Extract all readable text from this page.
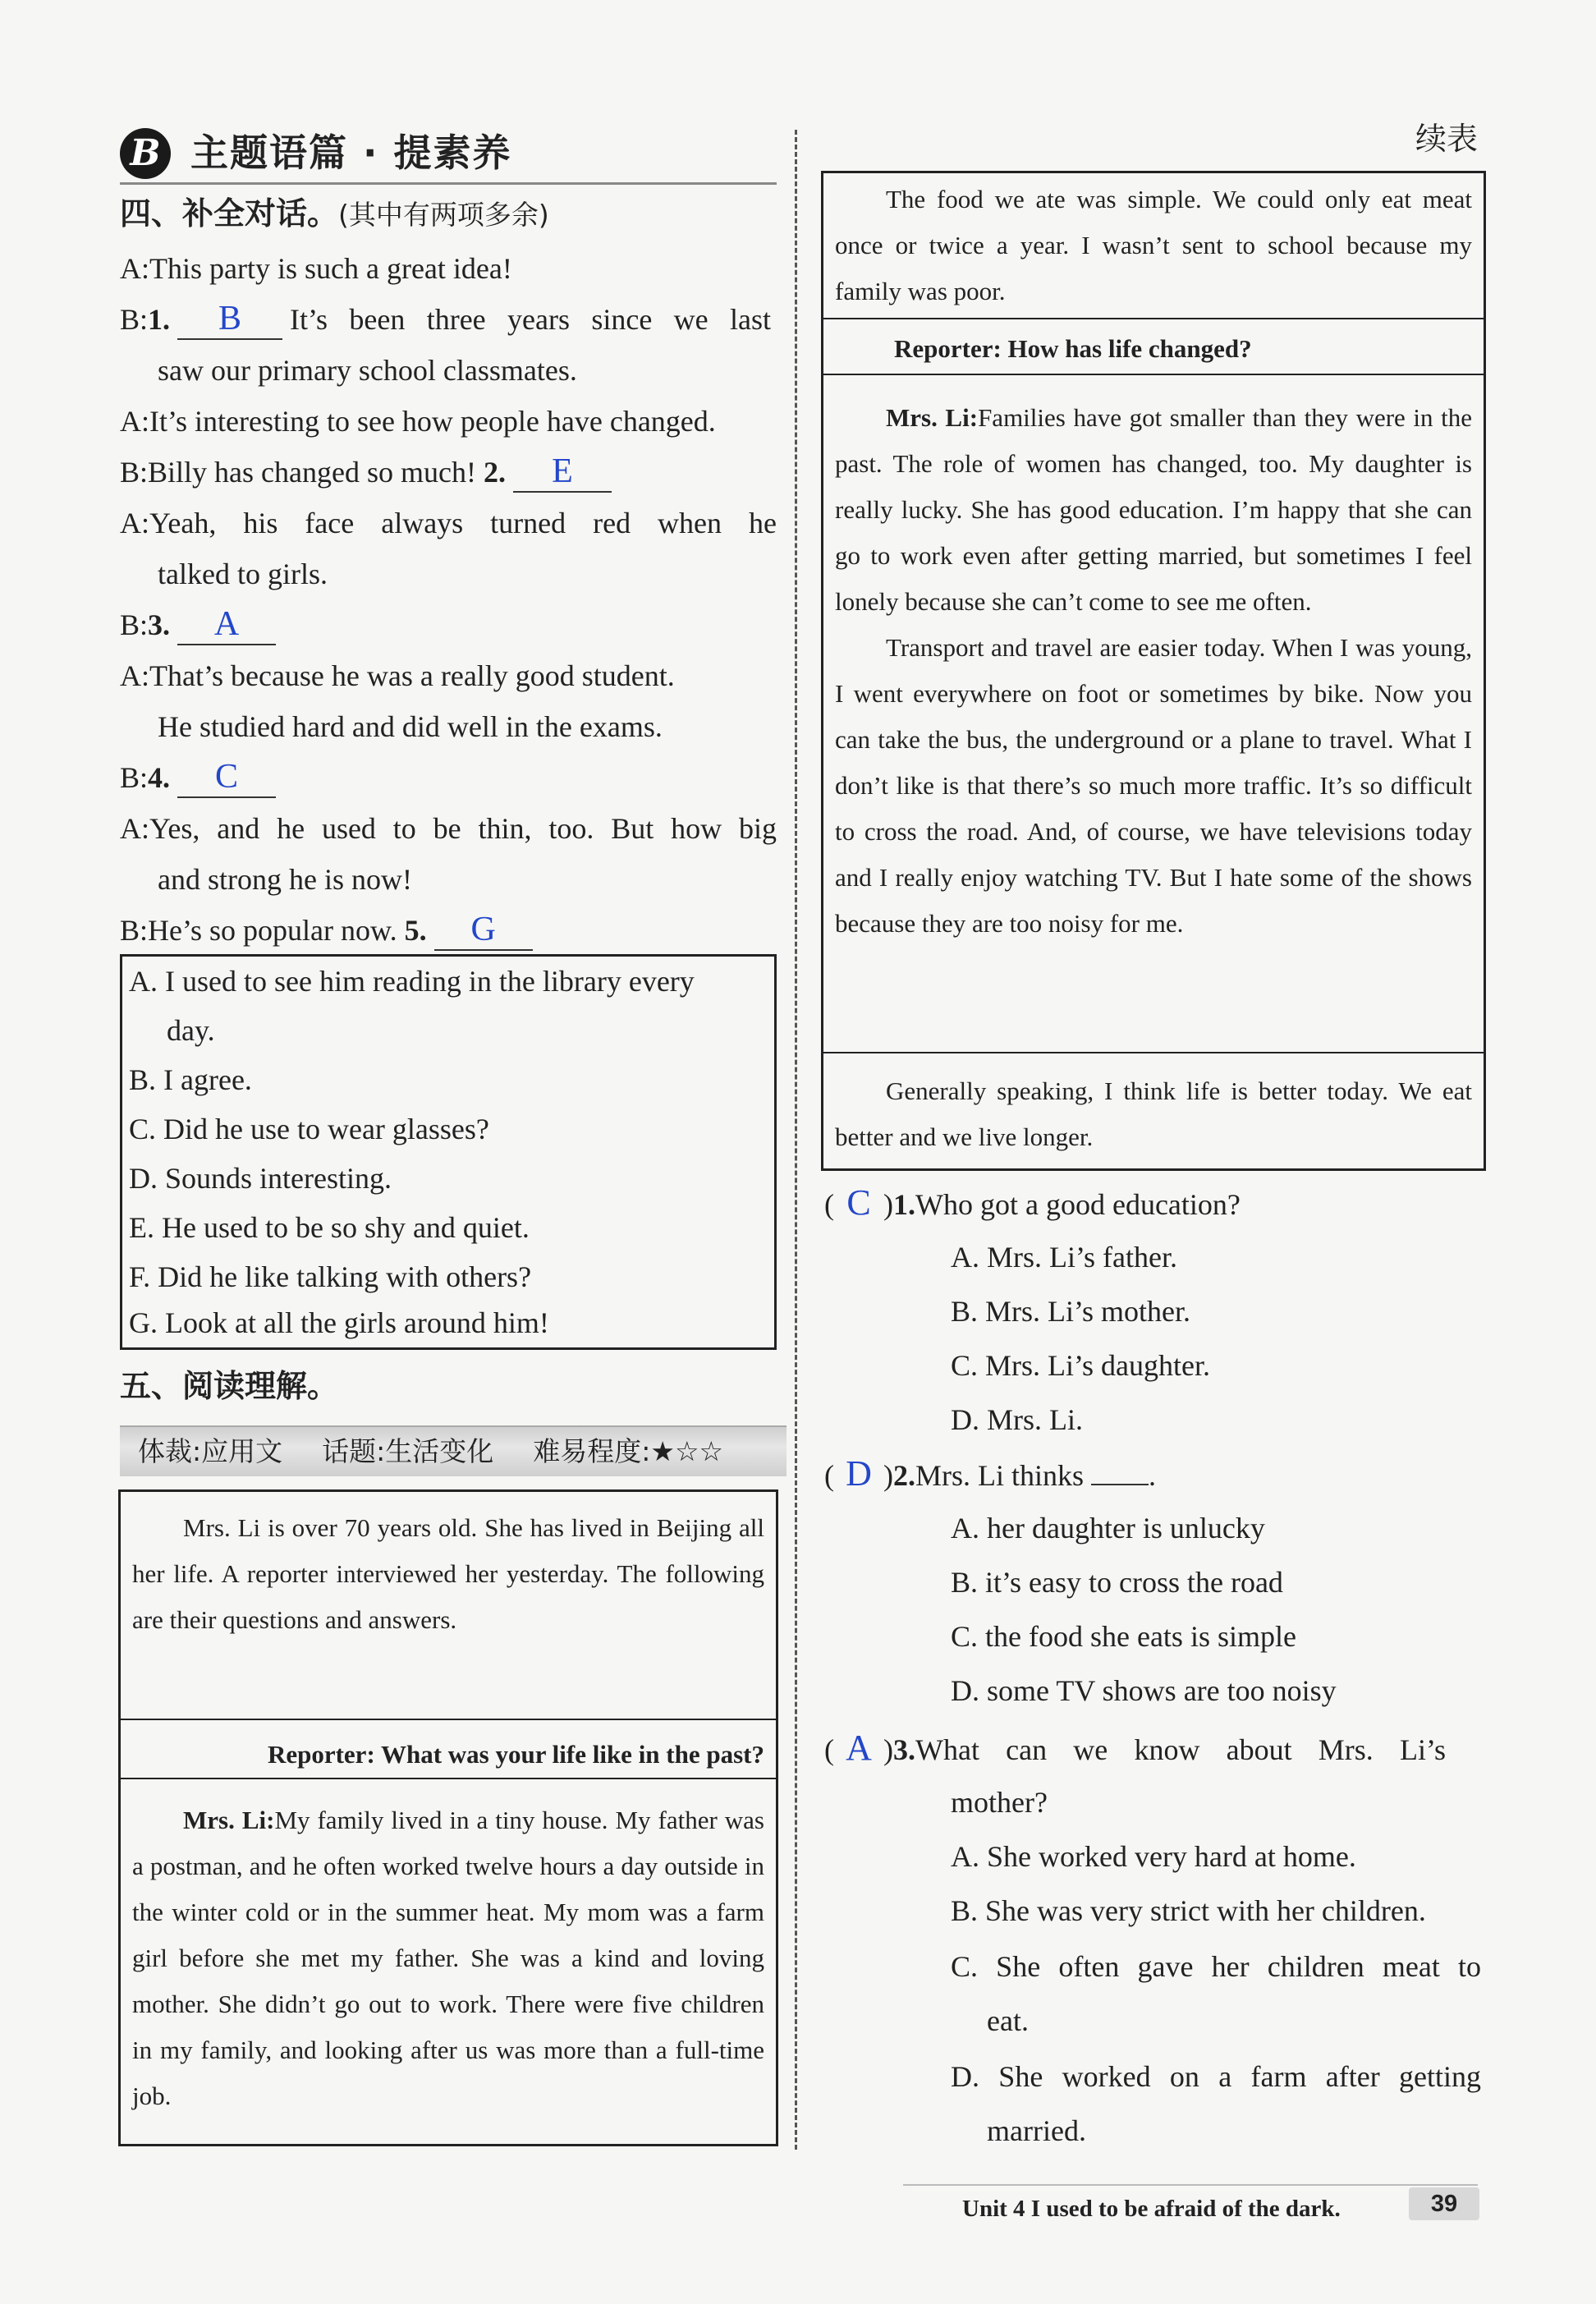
B 主题语篇 · 提素养	续表
四、补全对话。(其中有两项多余)
A:This party is such a great idea!
B:1. B It’s been three years since we last
saw our primary school classmates.
A:It’s interesting to see how people have changed.
B:Billy has changed so much! 2. E
A:Yeah, his face always turned red when he
talked to girls.
B:3. A
A:That’s because he was a really good student.
He studied hard and did well in the exams.
B:4. C
A:Yes, and he used to be thin, too. But how big
and strong he is now!
B:He’s so popular now. 5. G
A. I used to see him reading in the library every
day.
B. I agree.
C. Did he use to wear glasses?
D. Sounds interesting.
E. He used to be so shy and quiet.
F. Did he like talking with others?
G. Look at all the girls around him!
五、阅读理解。
体裁:应用文 话题:生活变化 难易程度:★☆☆
Mrs. Li is over 70 years old. She has lived in Beijing all her life. A reporter interviewed her yesterday. The following are their questions and answers.
Reporter: What was your life like in the past?
Mrs. Li:My family lived in a tiny house. My father was a postman, and he often worked twelve hours a day outside in the winter cold or in the summer heat. My mom was a farm girl before she met my father. She was a kind and loving mother. She didn’t go out to work. There were five children in my family, and looking after us was more than a full-time job.
The food we ate was simple. We could only eat meat once or twice a year. I wasn’t sent to school because my family was poor.
Reporter: How has life changed?
Mrs. Li:Families have got smaller than they were in the past. The role of women has changed, too. My daughter is really lucky. She has good education. I’m happy that she can go to work even after getting married, but sometimes I feel lonely because she can’t come to see me often.
Transport and travel are easier today. When I was young, I went everywhere on foot or sometimes by bike. Now you can take the bus, the underground or a plane to travel. What I don’t like is that there’s so much more traffic. It’s so difficult to cross the road. And, of course, we have televisions today and I really enjoy watching TV. But I hate some of the shows because they are too noisy for me.
Generally speaking, I think life is better today. We eat better and we live longer.
( C )1.Who got a good education?
A. Mrs. Li’s father.
B. Mrs. Li’s mother.
C. Mrs. Li’s daughter.
D. Mrs. Li.
( D )2.Mrs. Li thinks .
A. her daughter is unlucky
B. it’s easy to cross the road
C. the food she eats is simple
D. some TV shows are too noisy
( A )3.What can we know about Mrs. Li’s
mother?
A. She worked very hard at home.
B. She was very strict with her children.
C. She often gave her children meat to
eat.
D. She worked on a farm after getting
married.
Unit 4 I used to be afraid of the dark.	39
